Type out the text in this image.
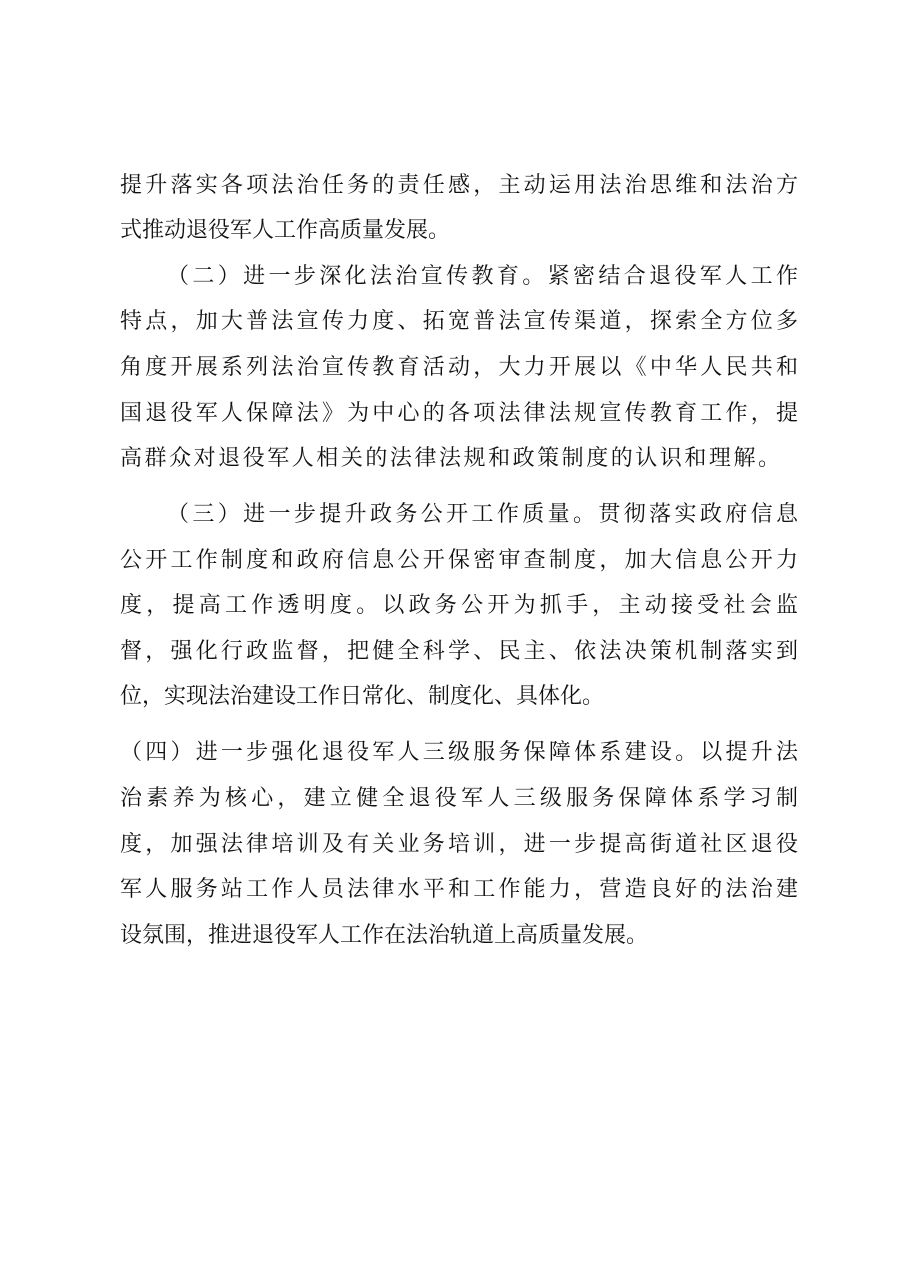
提升落实各项法治任务的责任感，主动运用法治思维和法治方
式推动退役军人工作高质量发展。
（二）进一步深化法治宣传教育。紧密结合退役军人工作
特点，加大普法宣传力度、拓宽普法宣传渠道，探索全方位多
角度开展系列法治宣传教育活动，大力开展以《中华人民共和
国退役军人保障法》为中心的各项法律法规宣传教育工作，提
高群众对退役军人相关的法律法规和政策制度的认识和理解。
（三）进一步提升政务公开工作质量。贯彻落实政府信息
公开工作制度和政府信息公开保密审查制度，加大信息公开力
度，提高工作透明度。以政务公开为抓手，主动接受社会监
督，强化行政监督，把健全科学、民主、依法决策机制落实到
位，实现法治建设工作日常化、制度化、具体化。
（四）进一步强化退役军人三级服务保障体系建设。以提升法
治素养为核心，建立健全退役军人三级服务保障体系学习制
度，加强法律培训及有关业务培训，进一步提高街道社区退役
军人服务站工作人员法律水平和工作能力，营造良好的法治建
设氛围，推进退役军人工作在法治轨道上高质量发展。
